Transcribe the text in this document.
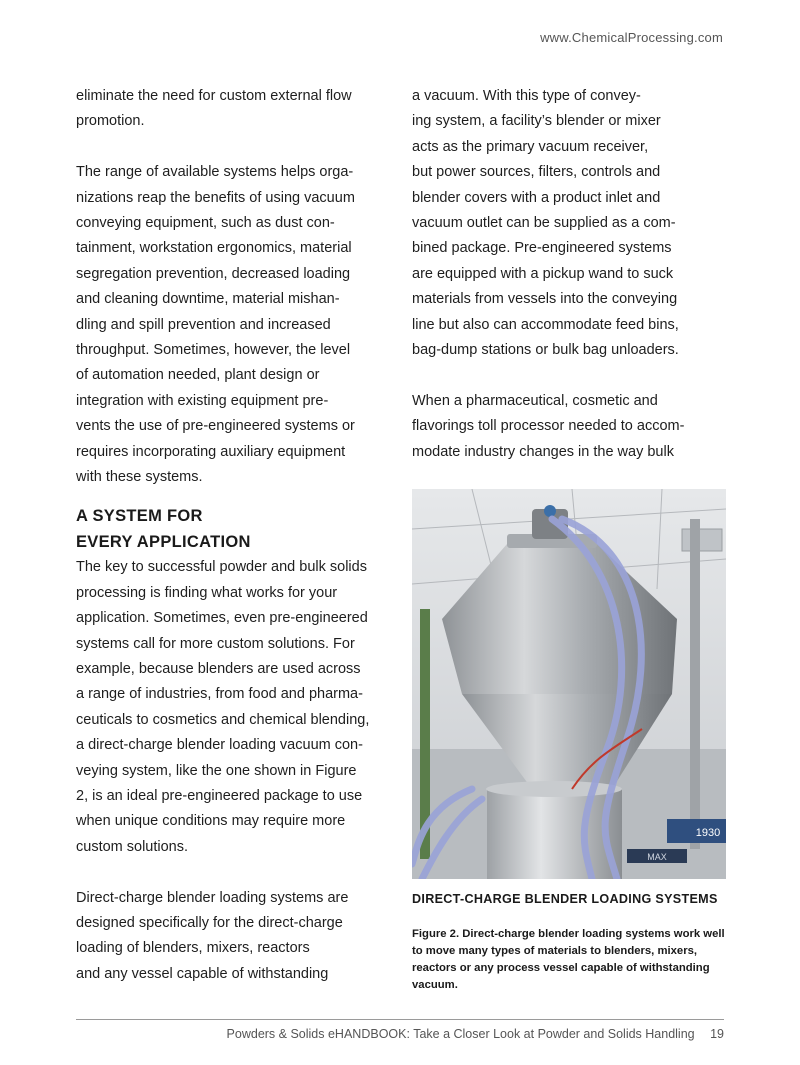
www.ChemicalProcessing.com

eliminate the need for custom external flow
promotion.

The range of available systems helps orga-
nizations reap the benefits of using vacuum
conveying equipment, such as dust con-
tainment, workstation ergonomics, material
segregation prevention, decreased loading
and cleaning downtime, material mishan-
dling and spill prevention and increased
throughput. Sometimes, however, the level
of automation needed, plant design or
integration with existing equipment pre-
vents the use of pre-engineered systems or
requires incorporating auxiliary equipment
with these systems.

A SYSTEM FOR
EVERY APPLICATION

The key to successful powder and bulk solids
processing is finding what works for your
application. Sometimes, even pre-engineered
systems call for more custom solutions. For
example, because blenders are used across
a range of industries, from food and pharma-
ceuticals to cosmetics and chemical blending,
a direct-charge blender loading vacuum con-
veying system, like the one shown in Figure
2, is an ideal pre-engineered package to use
when unique conditions may require more
custom solutions.

Direct-charge blender loading systems are
designed specifically for the direct-charge
loading of blenders, mixers, reactors
and any vessel capable of withstanding

a vacuum. With this type of convey-
ing system, a facility’s blender or mixer
acts as the primary vacuum receiver,
but power sources, filters, controls and
blender covers with a product inlet and
vacuum outlet can be supplied as a com-
bined package. Pre-engineered systems
are equipped with a pickup wand to suck
materials from vessels into the conveying
line but also can accommodate feed bins,
bag-dump stations or bulk bag unloaders.

When a pharmaceutical, cosmetic and
flavorings toll processor needed to accom-
modate industry changes in the way bulk

1930
MAX
DIRECT-CHARGE BLENDER LOADING SYSTEMS
Figure 2. Direct-charge blender loading systems work well to move many types of materials to blenders, mixers, reactors or any process vessel capable of withstanding vacuum.
Powders & Solids eHANDBOOK: Take a Closer Look at Powder and Solids Handling 19
